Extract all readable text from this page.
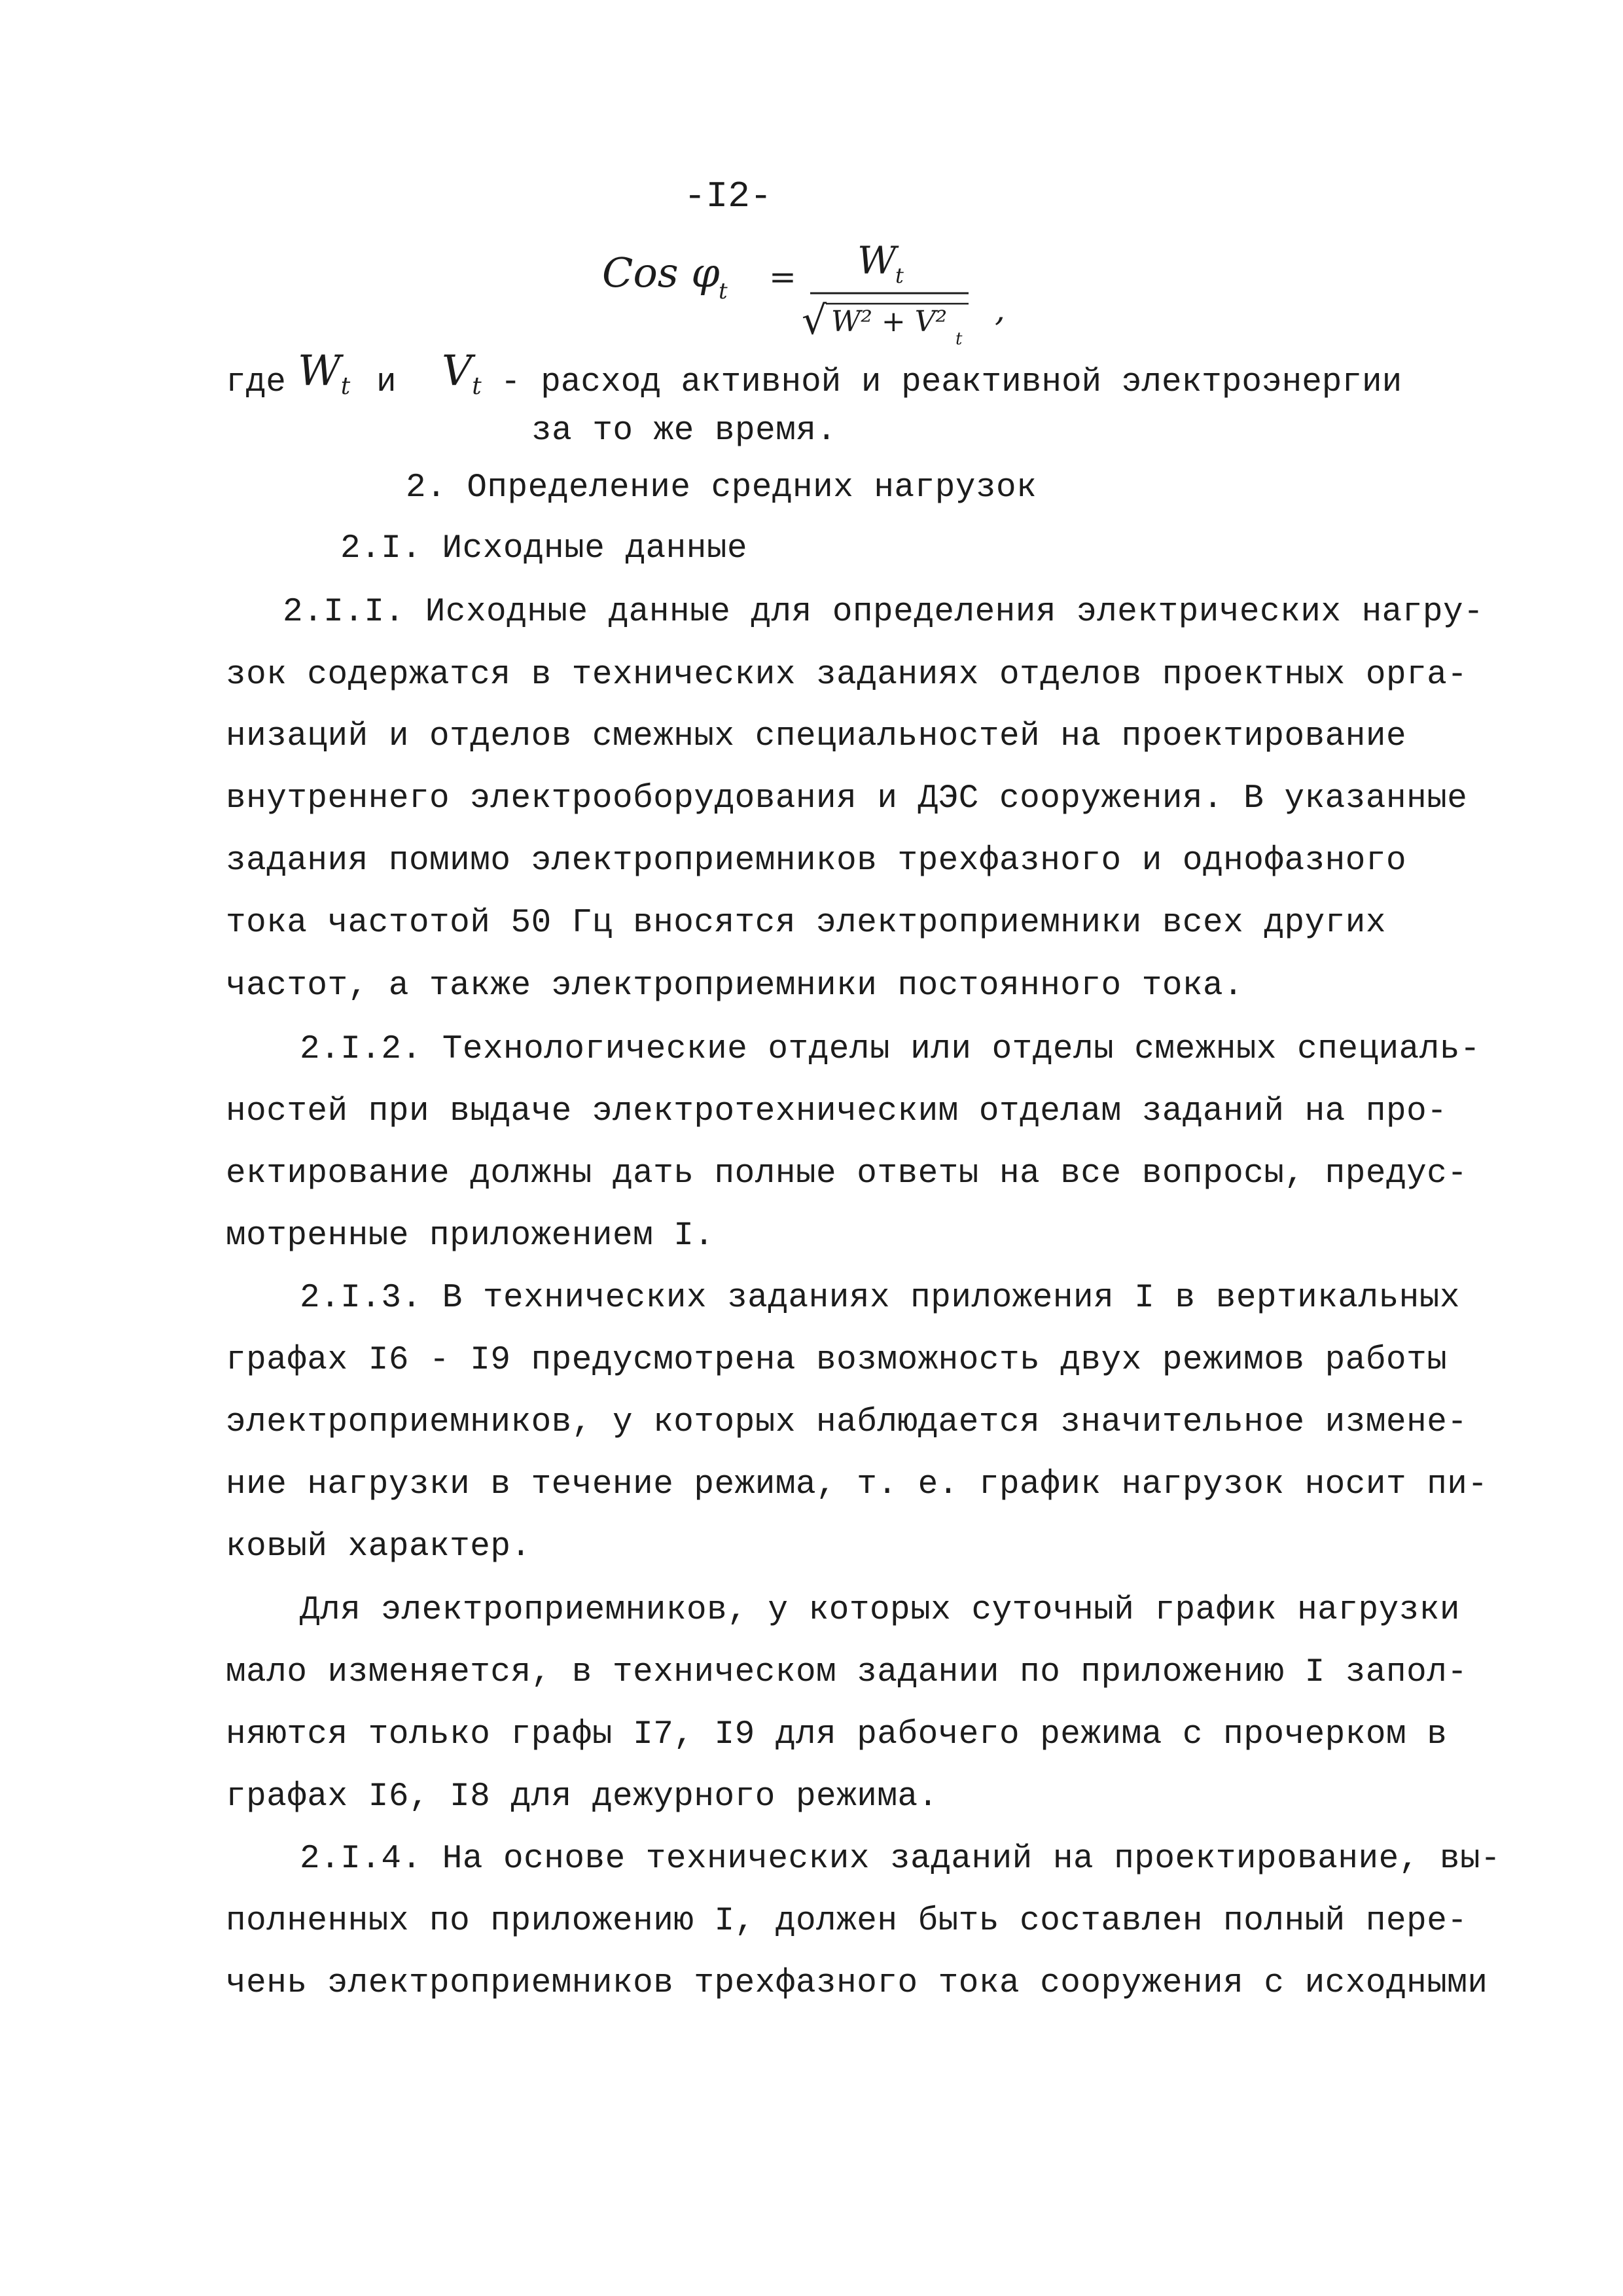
-I2-
Cos φ
t = W
t
√ W² + V²
t
,
где $W_t$ и $V_t$ - расход активной и реактивной электроэнергии
за то же время.
2. Определение средних нагрузок
2.I. Исходные данные
2.I.I. Исходные данные для определения электрических нагру-
зок содержатся в технических заданиях отделов проектных орга-
низаций и отделов смежных специальностей на проектирование
внутреннего электрооборудования и ДЭС сооружения. В указанные
задания помимо электроприемников трехфазного и однофазного
тока частотой 50 Гц вносятся электроприемники всех других
частот, а также электроприемники постоянного тока.
2.I.2. Технологические отделы или отделы смежных специаль-
ностей при выдаче электротехническим отделам заданий на про-
ектирование должны дать полные ответы на все вопросы, предус-
мотренные приложением I.
2.I.3. В технических заданиях приложения I в вертикальных
графах I6 - I9 предусмотрена возможность двух режимов работы
электроприемников, у которых наблюдается значительное измене-
ние нагрузки в течение режима, т. е. график нагрузок носит пи-
ковый характер.
Для электроприемников, у которых суточный график нагрузки
мало изменяется, в техническом задании по приложению I запол-
няются только графы I7, I9 для рабочего режима с прочерком в
графах I6, I8 для дежурного режима.
2.I.4. На основе технических заданий на проектирование, вы-
полненных по приложению I, должен быть составлен полный пере-
чень электроприемников трехфазного тока сооружения с исходными
